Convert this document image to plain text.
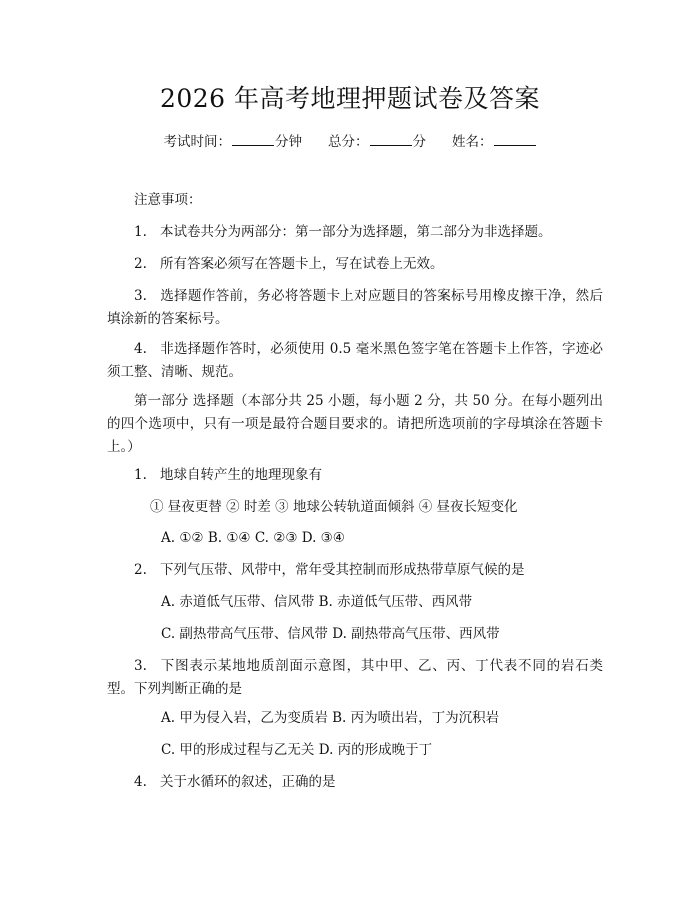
2026 年高考地理押题试卷及答案
考试时间：	分钟 总分：	分 姓名：
注意事项：
1. 本试卷共分为两部分：第一部分为选择题，第二部分为非选择题。
2. 所有答案必须写在答题卡上，写在试卷上无效。
3. 选择题作答前，务必将答题卡上对应题目的答案标号用橡皮擦干净，然后填涂新的答案标号。
4. 非选择题作答时，必须使用 0.5 毫米黑色签字笔在答题卡上作答，字迹必须工整、清晰、规范。
第一部分 选择题（本部分共 25 小题，每小题 2 分，共 50 分。在每小题列出的四个选项中，只有一项是最符合题目要求的。请把所选项前的字母填涂在答题卡上。）
1. 地球自转产生的地理现象有
① 昼夜更替 ② 时差 ③ 地球公转轨道面倾斜 ④ 昼夜长短变化
A. ①② B. ①④ C. ②③ D. ③④
2. 下列气压带、风带中，常年受其控制而形成热带草原气候的是
A. 赤道低气压带、信风带 B. 赤道低气压带、西风带
C. 副热带高气压带、信风带 D. 副热带高气压带、西风带
3. 下图表示某地地质剖面示意图，其中甲、乙、丙、丁代表不同的岩石类型。下列判断正确的是
A. 甲为侵入岩，乙为变质岩 B. 丙为喷出岩，丁为沉积岩
C. 甲的形成过程与乙无关 D. 丙的形成晚于丁
4. 关于水循环的叙述，正确的是
